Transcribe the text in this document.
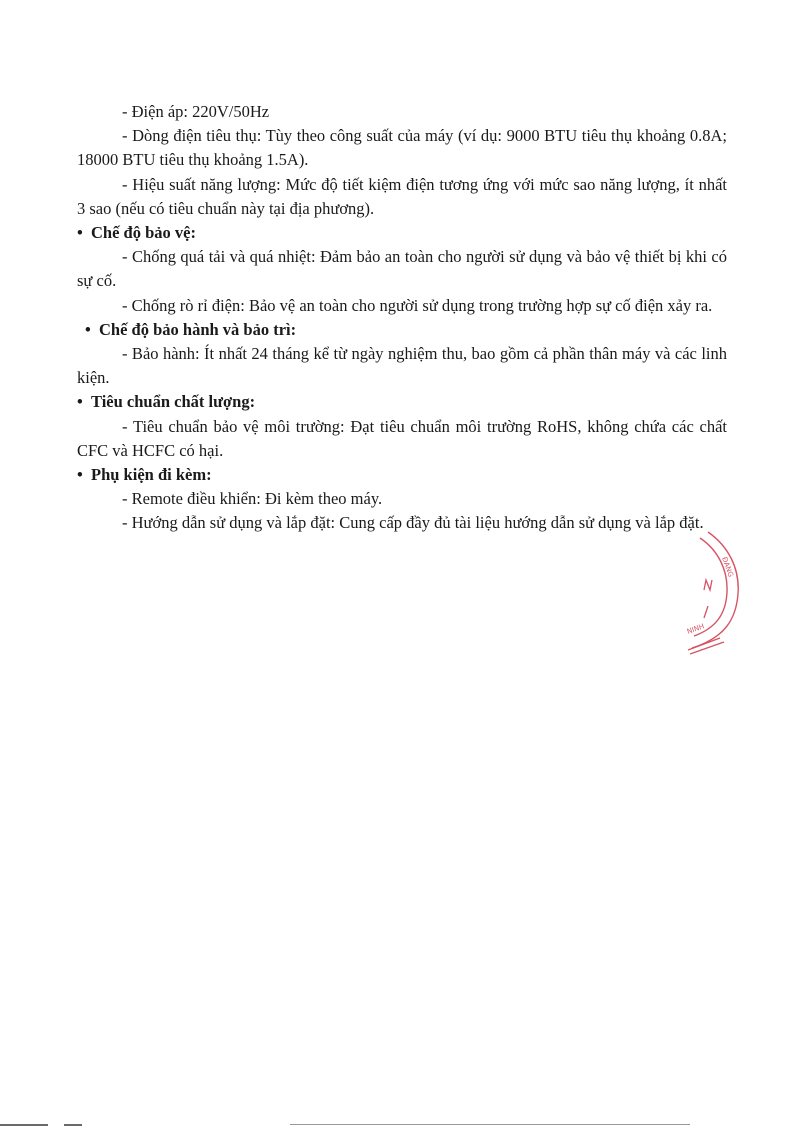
- Điện áp: 220V/50Hz

- Dòng điện tiêu thụ: Tùy theo công suất của máy (ví dụ: 9000 BTU tiêu thụ khoảng 0.8A; 18000 BTU tiêu thụ khoảng 1.5A).

- Hiệu suất năng lượng: Mức độ tiết kiệm điện tương ứng với mức sao năng lượng, ít nhất 3 sao (nếu có tiêu chuẩn này tại địa phương).

• Chế độ bảo vệ:

- Chống quá tải và quá nhiệt: Đảm bảo an toàn cho người sử dụng và bảo vệ thiết bị khi có sự cố.

- Chống rò rỉ điện: Bảo vệ an toàn cho người sử dụng trong trường hợp sự cố điện xảy ra.

• Chế độ bảo hành và bảo trì:

- Bảo hành: Ít nhất 24 tháng kể từ ngày nghiệm thu, bao gồm cả phần thân máy và các linh kiện.

• Tiêu chuẩn chất lượng:

- Tiêu chuẩn bảo vệ môi trường: Đạt tiêu chuẩn môi trường RoHS, không chứa các chất CFC và HCFC có hại.

• Phụ kiện đi kèm:

- Remote điều khiển: Đi kèm theo máy.

- Hướng dẫn sử dụng và lắp đặt: Cung cấp đầy đủ tài liệu hướng dẫn sử dụng và lắp đặt.

ĐANG
NINH
